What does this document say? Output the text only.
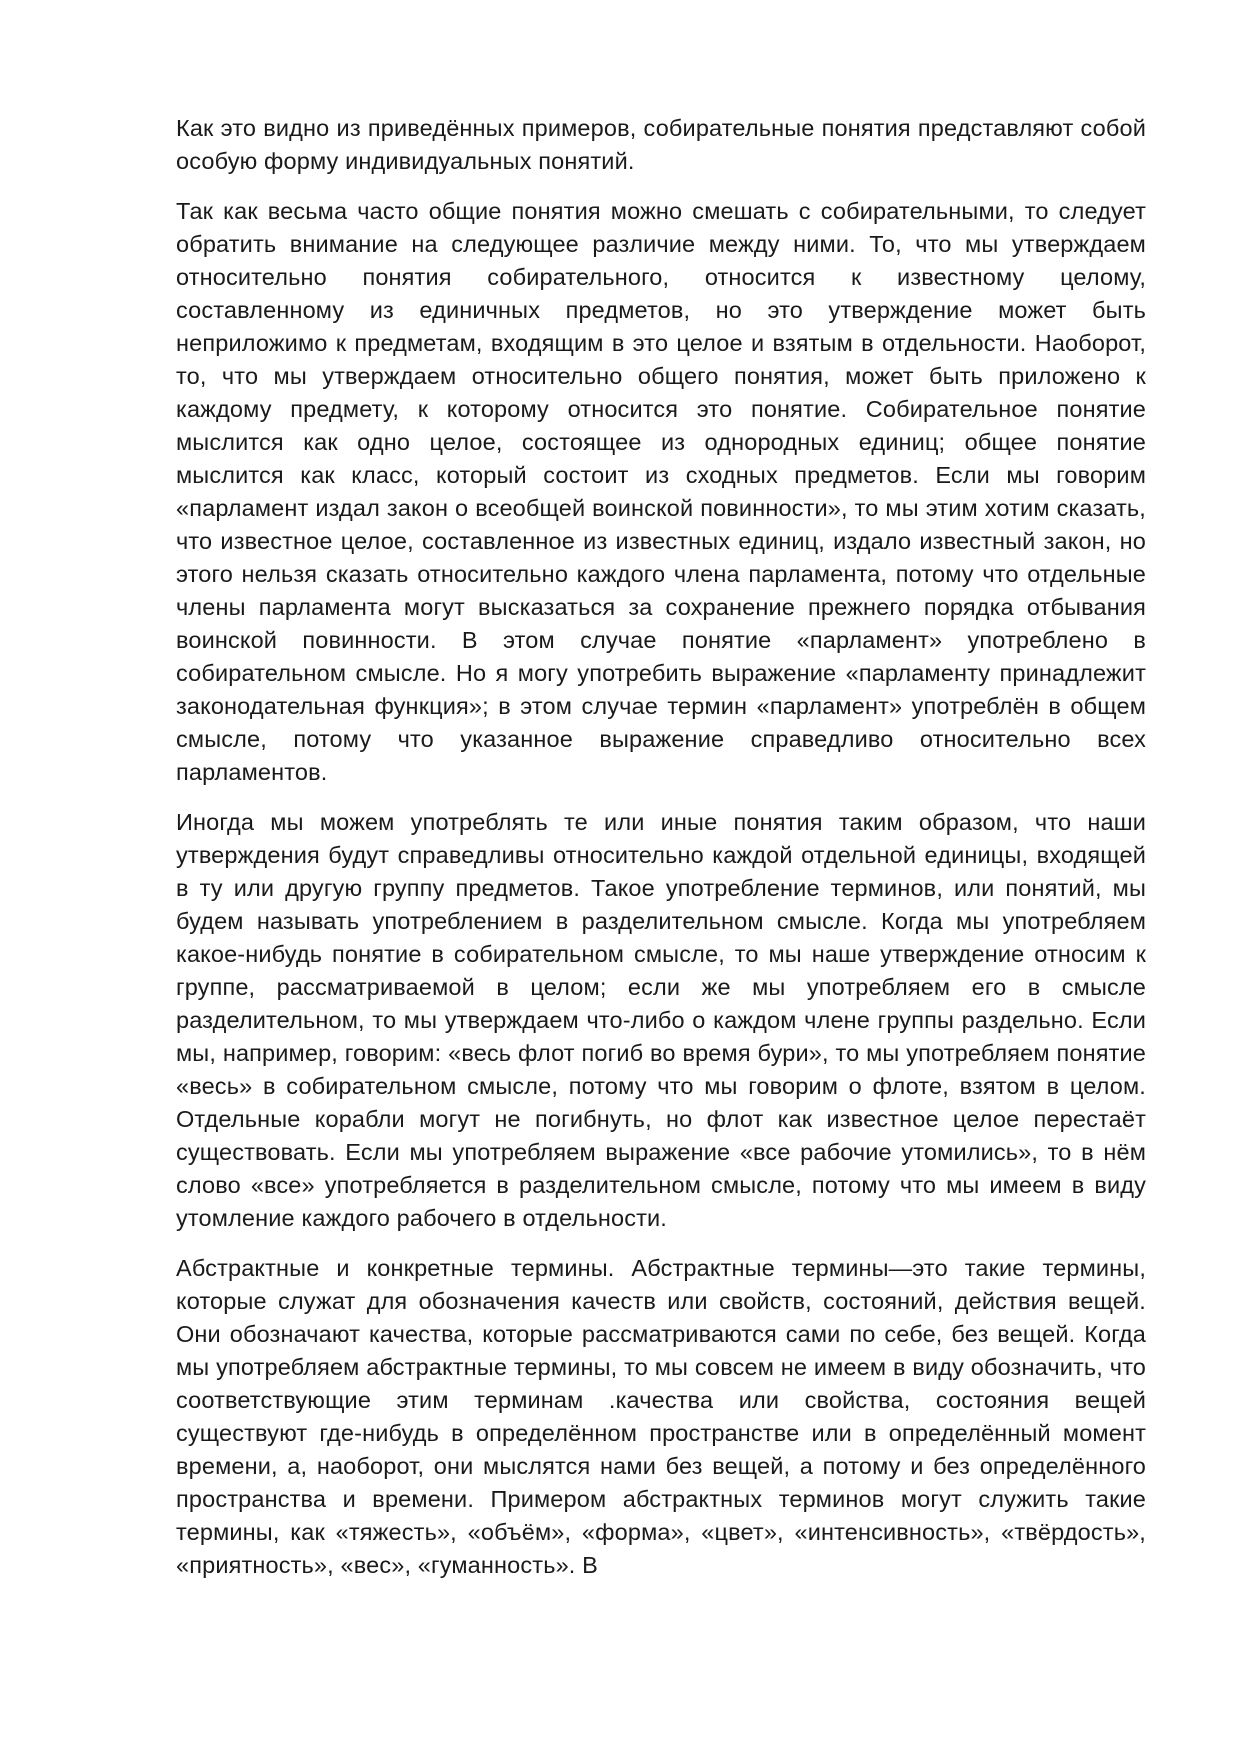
Как это видно из приведённых примеров, собирательные понятия представляют собой особую форму индивидуальных понятий.

Так как весьма часто общие понятия можно смешать с собирательными, то следует обратить внимание на следующее различие между ними. То, что мы утверждаем относительно понятия собирательного, относится к известному целому, составленному из единичных предметов, но это утверждение может быть неприложимо к предметам, входящим в это целое и взятым в отдельности. Наоборот, то, что мы утверждаем относительно общего понятия, может быть приложено к каждому предмету, к которому относится это понятие. Собирательное понятие мыслится как одно целое, состоящее из однородных единиц; общее понятие мыслится как класс, который состоит из сходных предметов. Если мы говорим «парламент издал закон о всеобщей воинской повинности», то мы этим хотим сказать, что известное целое, составленное из известных единиц, издало известный закон, но этого нельзя сказать относительно каждого члена парламента, потому что отдельные члены парламента могут высказаться за сохранение прежнего порядка отбывания воинской повинности. В этом случае понятие «парламент» употреблено в собирательном смысле. Но я могу употребить выражение «парламенту принадлежит законодательная функция»; в этом случае термин «парламент» употреблён в общем смысле, потому что указанное выражение справедливо относительно всех парламентов.

Иногда мы можем употреблять те или иные понятия таким образом, что наши утверждения будут справедливы относительно каждой отдельной единицы, входящей в ту или другую группу предметов. Такое употребление терминов, или понятий, мы будем называть употреблением в разделительном смысле. Когда мы употребляем какое-нибудь понятие в собирательном смысле, то мы наше утверждение относим к группе, рассматриваемой в целом; если же мы употребляем его в смысле разделительном, то мы утверждаем что-либо о каждом члене группы раздельно. Если мы, например, говорим: «весь флот погиб во время бури», то мы употребляем понятие «весь» в собирательном смысле, потому что мы говорим о флоте, взятом в целом. Отдельные корабли могут не погибнуть, но флот как известное целое перестаёт существовать. Если мы употребляем выражение «все рабочие утомились», то в нём слово «все» употребляется в разделительном смысле, потому что мы имеем в виду утомление каждого рабочего в отдельности.

Абстрактные и конкретные термины. Абстрактные термины—это такие термины, которые служат для обозначения качеств или свойств, состояний, действия вещей. Они обозначают качества, которые рассматриваются сами по себе, без вещей. Когда мы употребляем абстрактные термины, то мы совсем не имеем в виду обозначить, что соответствующие этим терминам .качества или свойства, состояния вещей существуют где-нибудь в определённом пространстве или в определённый момент времени, а, наоборот, они мыслятся нами без вещей, а потому и без определённого пространства и времени. Примером абстрактных терминов могут служить такие термины, как «тяжесть», «объём», «форма», «цвет», «интенсивность», «твёрдость», «приятность», «вес», «гуманность». В
